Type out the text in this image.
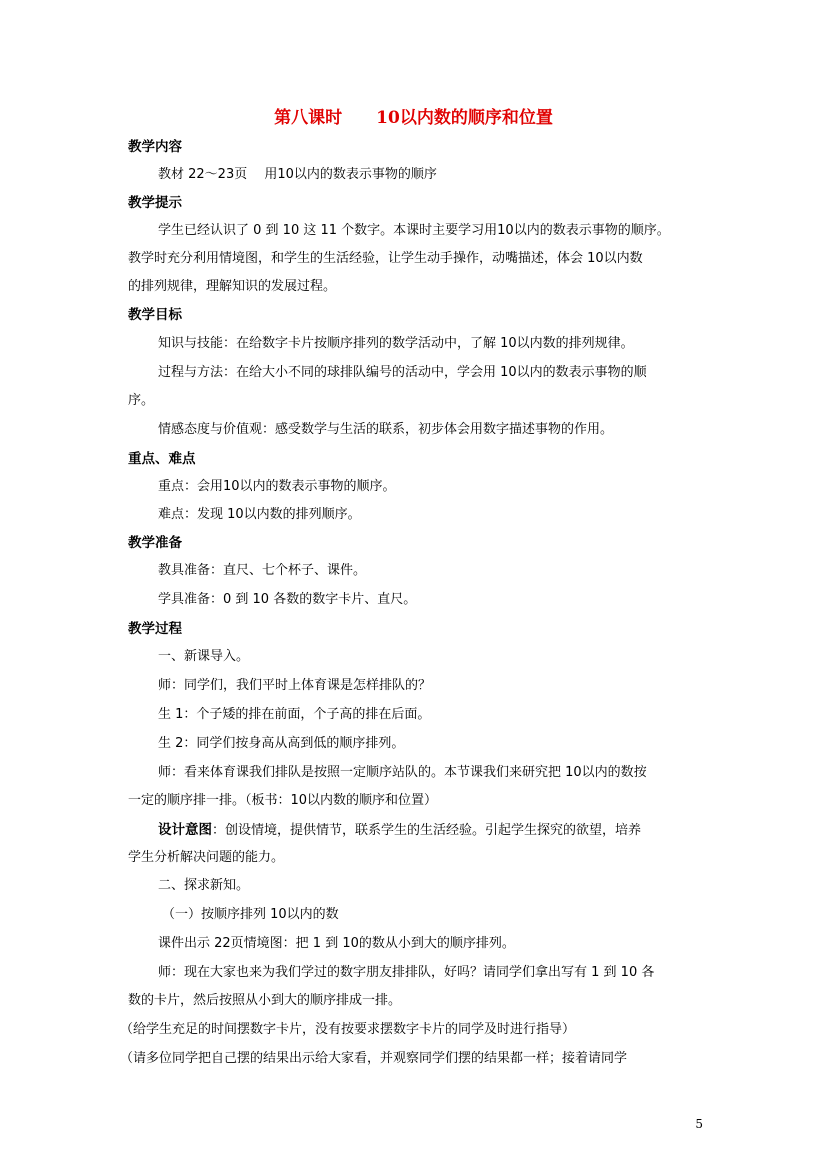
第八课时　　10以内数的顺序和位置
教学内容
教材 22～23页　 用10以内的数表示事物的顺序
教学提示
学生已经认识了 0 到 10 这 11 个数字。本课时主要学习用10以内的数表示事物的顺序。
教学时充分利用情境图，和学生的生活经验，让学生动手操作，动嘴描述，体会 10以内数
的排列规律，理解知识的发展过程。
教学目标
知识与技能：在给数字卡片按顺序排列的数学活动中，了解 10以内数的排列规律。
过程与方法：在给大小不同的球排队编号的活动中，学会用 10以内的数表示事物的顺
序。
情感态度与价值观：感受数学与生活的联系，初步体会用数字描述事物的作用。
重点、难点
重点：会用10以内的数表示事物的顺序。
难点：发现 10以内数的排列顺序。
教学准备
教具准备：直尺、七个杯子、课件。
学具准备：0 到 10 各数的数字卡片、直尺。
教学过程
一、新课导入。
师：同学们，我们平时上体育课是怎样排队的？
生 1：个子矮的排在前面，个子高的排在后面。
生 2：同学们按身高从高到低的顺序排列。
师：看来体育课我们排队是按照一定顺序站队的。本节课我们来研究把 10以内的数按
一定的顺序排一排。（板书：10以内数的顺序和位置）
设计意图：创设情境，提供情节，联系学生的生活经验。引起学生探究的欲望，培养
学生分析解决问题的能力。
二、探求新知。
（一）按顺序排列 10以内的数
课件出示 22页情境图：把 1 到 10的数从小到大的顺序排列。
师：现在大家也来为我们学过的数字朋友排排队，好吗？请同学们拿出写有 1 到 10 各
数的卡片，然后按照从小到大的顺序排成一排。
（给学生充足的时间摆数字卡片，没有按要求摆数字卡片的同学及时进行指导）
（请多位同学把自己摆的结果出示给大家看，并观察同学们摆的结果都一样；接着请同学
5
